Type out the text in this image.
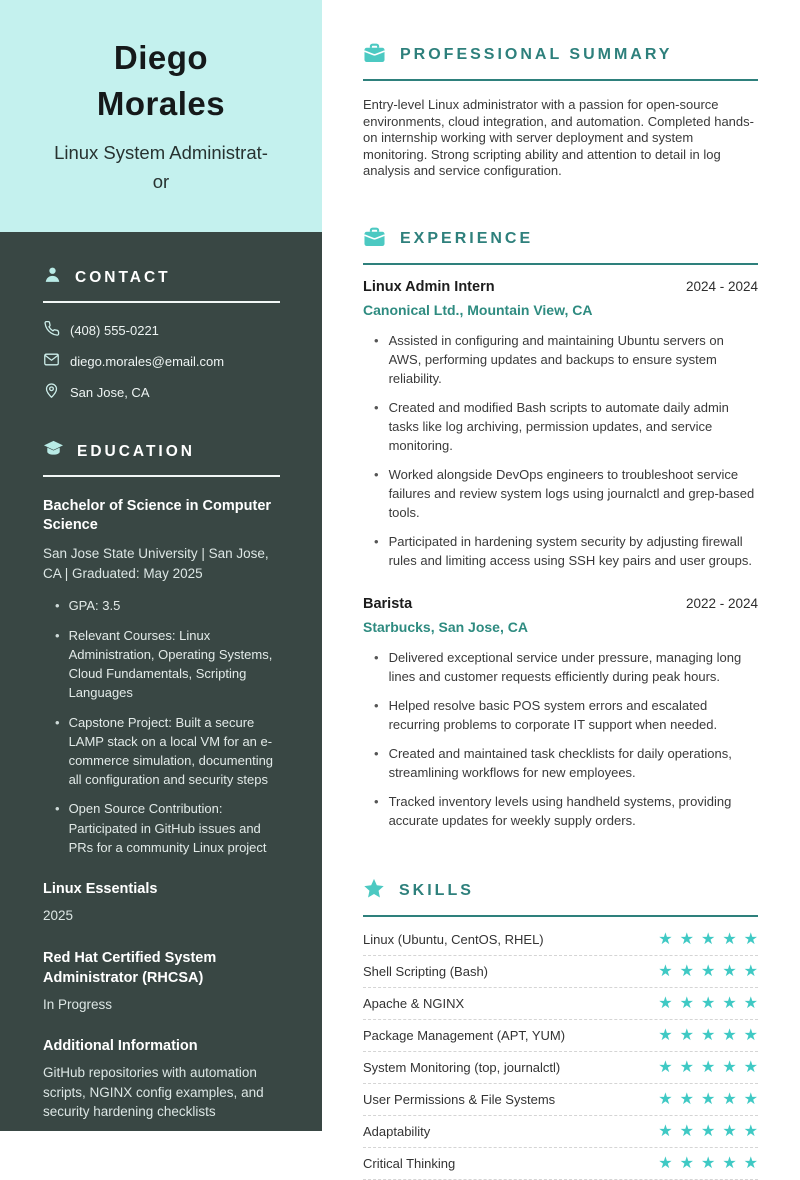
Diego Morales
Linux System Administrat-
or
CONTACT
(408) 555-0221
diego.morales@email.com
San Jose, CA
EDUCATION
Bachelor of Science in Computer Science
San Jose State University | San Jose, CA | Graduated: May 2025
• GPA: 3.5
• Relevant Courses: Linux Administration, Operating Systems, Cloud Fundamentals, Scripting Languages
• Capstone Project: Built a secure LAMP stack on a local VM for an e-commerce simulation, documenting all configuration and security steps
• Open Source Contribution: Participated in GitHub issues and PRs for a community Linux project
Linux Essentials
2025
Red Hat Certified System Administrator (RHCSA)
In Progress
Additional Information
GitHub repositories with automation scripts, NGINX config examples, and security hardening checklists
PROFESSIONAL SUMMARY

Entry-level Linux administrator with a passion for open-source environments, cloud integration, and automation. Completed hands-on internship working with server deployment and system monitoring. Strong scripting ability and attention to detail in log analysis and service configuration.

EXPERIENCE
Linux Admin Intern	2024 - 2024
Canonical Ltd., Mountain View, CA
• Assisted in configuring and maintaining Ubuntu servers on AWS, performing updates and backups to ensure system reliability.
• Created and modified Bash scripts to automate daily admin tasks like log archiving, permission updates, and service monitoring.
• Worked alongside DevOps engineers to troubleshoot service failures and review system logs using journalctl and grep-based tools.
• Participated in hardening system security by adjusting firewall rules and limiting access using SSH key pairs and user groups.
Barista	2022 - 2024
Starbucks, San Jose, CA
• Delivered exceptional service under pressure, managing long lines and customer requests efficiently during peak hours.
• Helped resolve basic POS system errors and escalated recurring problems to corporate IT support when needed.
• Created and maintained task checklists for daily operations, streamlining workflows for new employees.
• Tracked inventory levels using handheld systems, providing accurate updates for weekly supply orders.
SKILLS
Linux (Ubuntu, CentOS, RHEL)	★★★★★
Shell Scripting (Bash)	★★★★★
Apache & NGINX	★★★★★
Package Management (APT, YUM)	★★★★★
System Monitoring (top, journalctl)	★★★★★
User Permissions & File Systems	★★★★★
Adaptability	★★★★★
Critical Thinking	★★★★★
